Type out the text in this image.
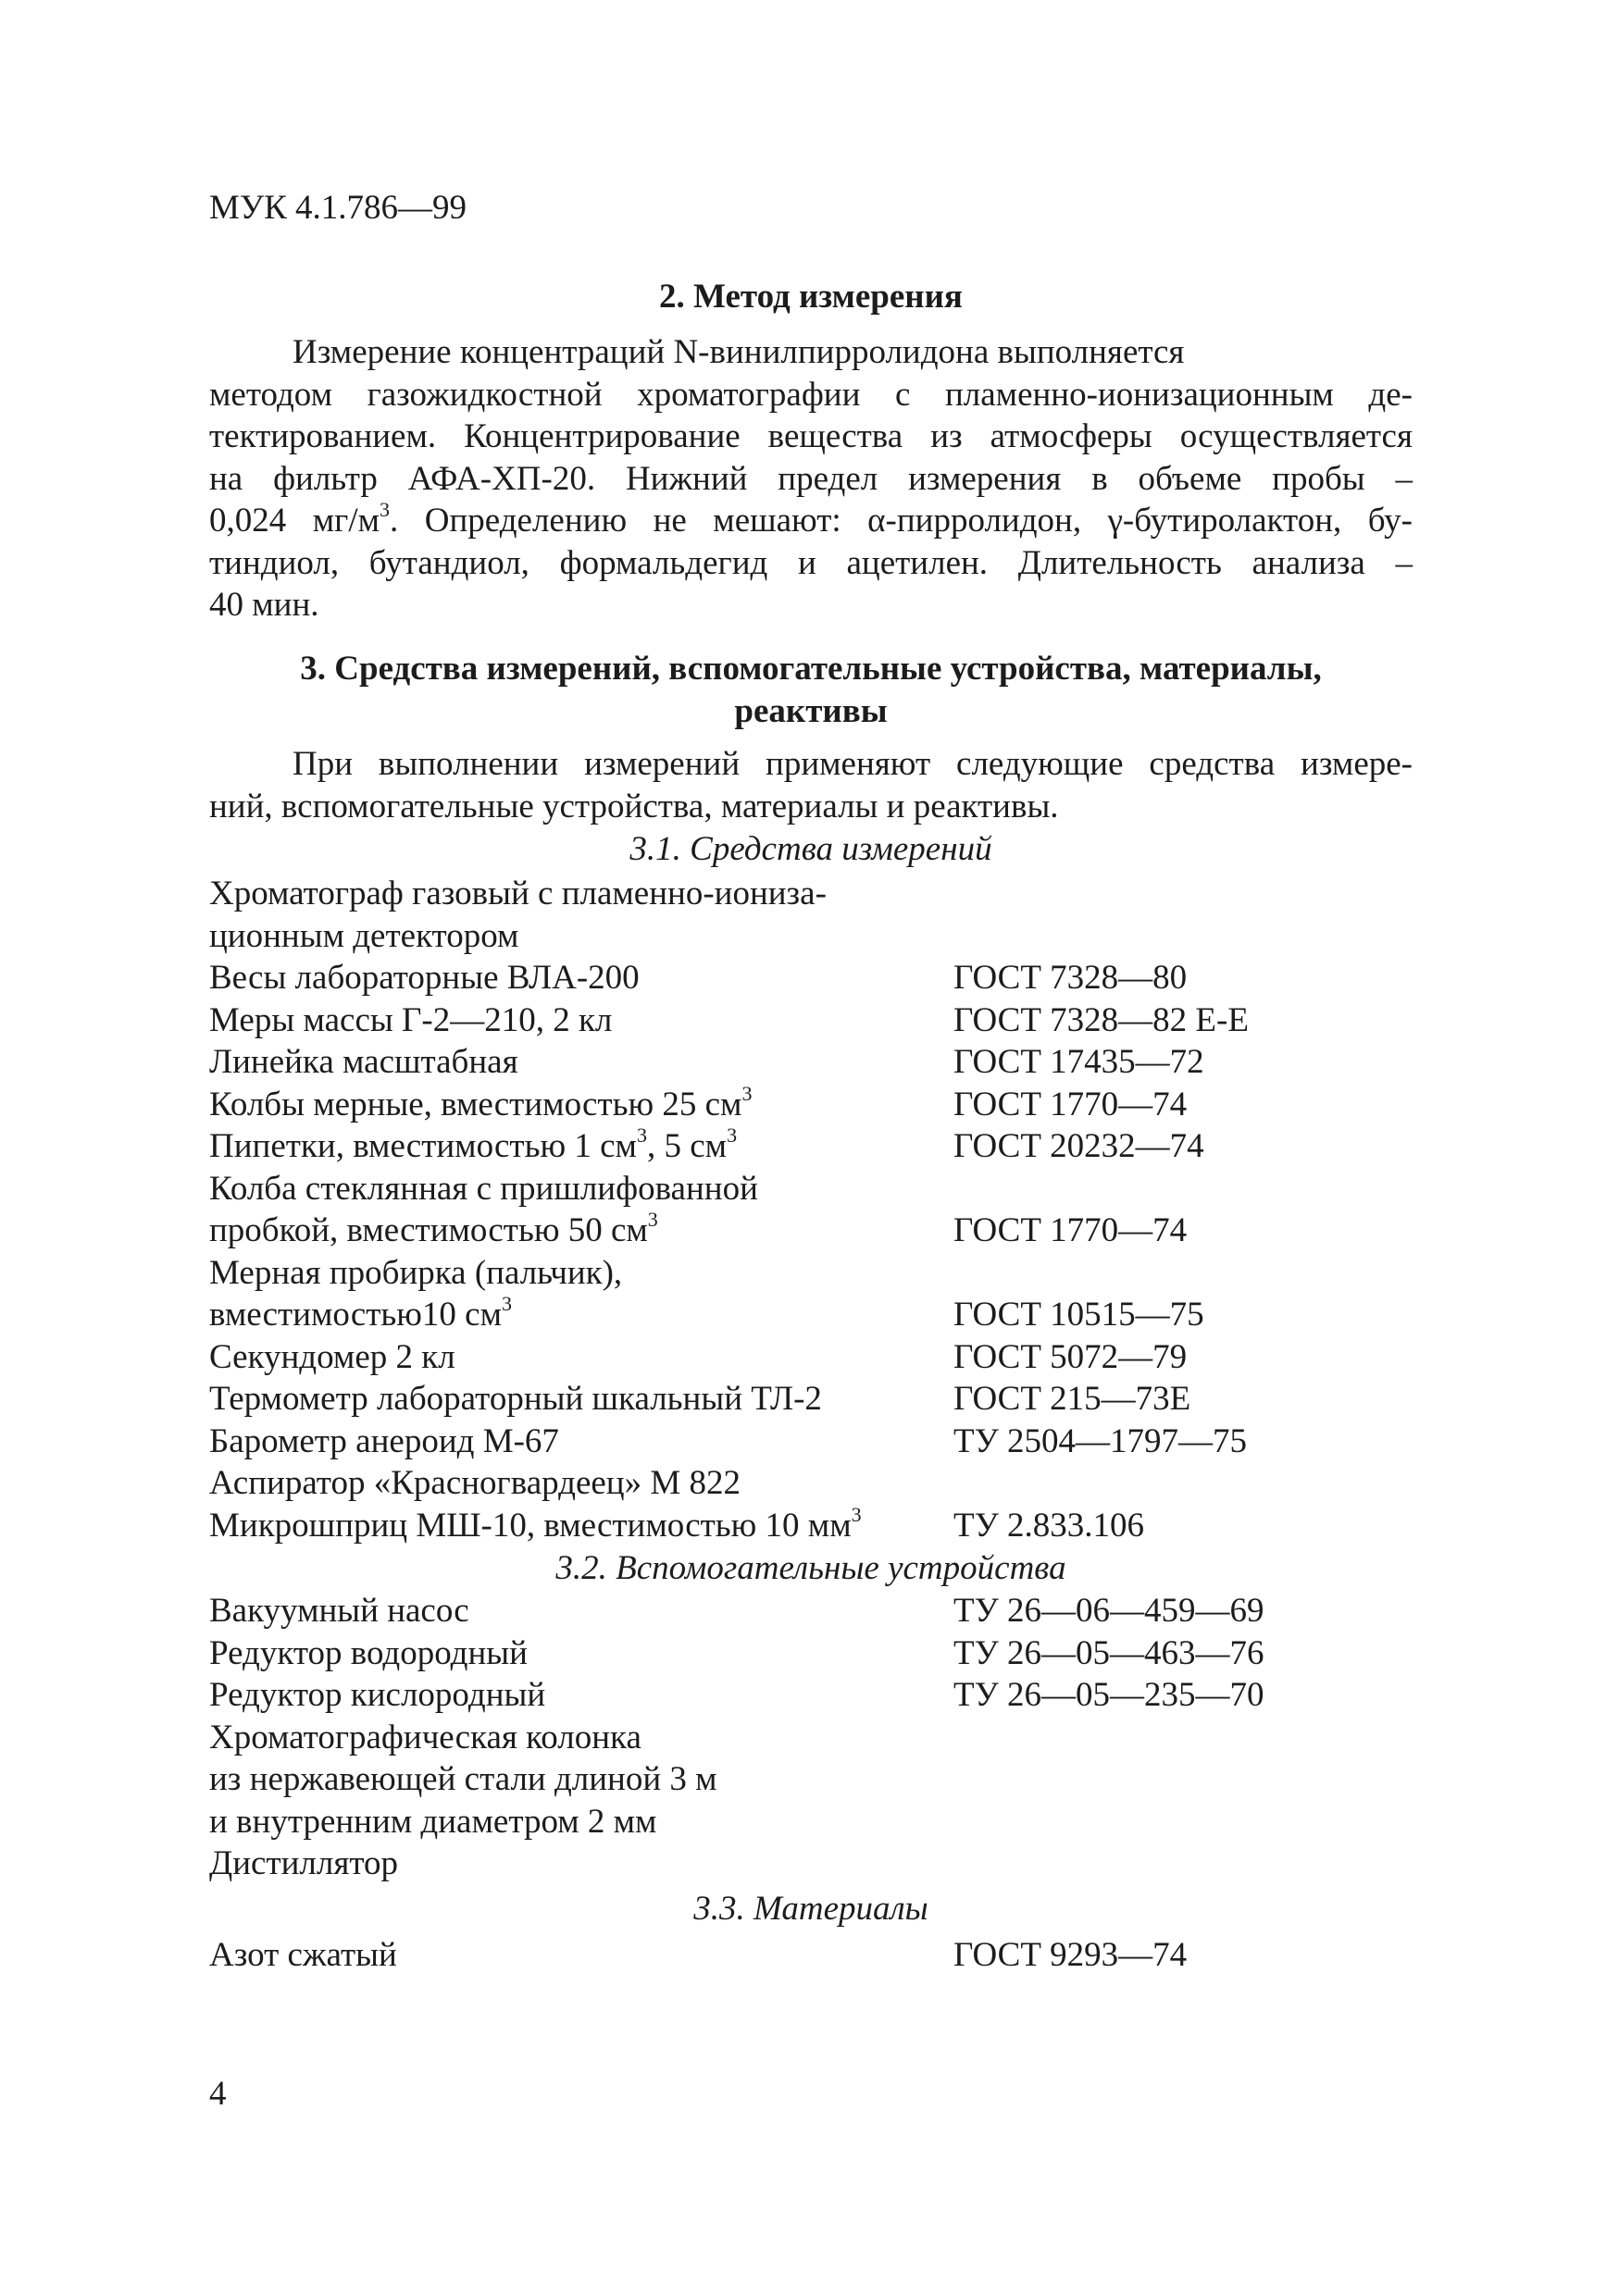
МУК 4.1.786—99
2. Метод измерения
Измерение концентраций N-винилпирролидона выполняется
методом газожидкостной хроматографии с пламенно-ионизационным де-
тектированием. Концентрирование вещества из атмосферы осуществляется
на фильтр АФА-ХП-20. Нижний предел измерения в объеме пробы –
0,024 $мг/м^3$. Определению не мешают: α-пирролидон, γ-бутиролактон, бу-
тиндиол, бутандиол, формальдегид и ацетилен. Длительность анализа –
40 мин.
3. Средства измерений, вспомогательные устройства, материалы,
реактивы
При выполнении измерений применяют следующие средства измере-
ний, вспомогательные устройства, материалы и реактивы.
3.1. Средства измерений
Хроматограф газовый с пламенно-иониза-
ционным детектором
Весы лабораторные ВЛА-200	ГОСТ 7328—80
Меры массы Г-2—210, 2 кл	ГОСТ 7328—82 Е-Е
Линейка масштабная	ГОСТ 17435—72
Колбы мерные, вместимостью 25 $см^3$	ГОСТ 1770—74
Пипетки, вместимостью 1 $см^3$, 5 $см^3$	ГОСТ 20232—74
Колба стеклянная с пришлифованной
пробкой, вместимостью 50 $см^3$	ГОСТ 1770—74
Мерная пробирка (пальчик),
вместимостью10 $см^3$	ГОСТ 10515—75
Секундомер 2 кл	ГОСТ 5072—79
Термометр лабораторный шкальный ТЛ-2	ГОСТ 215—73Е
Барометр анероид М-67	ТУ 2504—1797—75
Аспиратор «Красногвардеец» М 822
Микрошприц МШ-10, вместимостью 10 $мм^3$	ТУ 2.833.106
3.2. Вспомогательные устройства
Вакуумный насос	ТУ 26—06—459—69
Редуктор водородный	ТУ 26—05—463—76
Редуктор кислородный	ТУ 26—05—235—70
Хроматографическая колонка
из нержавеющей стали длиной 3 м
и внутренним диаметром 2 мм
Дистиллятор
3.3. Материалы
Азот сжатый	ГОСТ 9293—74
4
